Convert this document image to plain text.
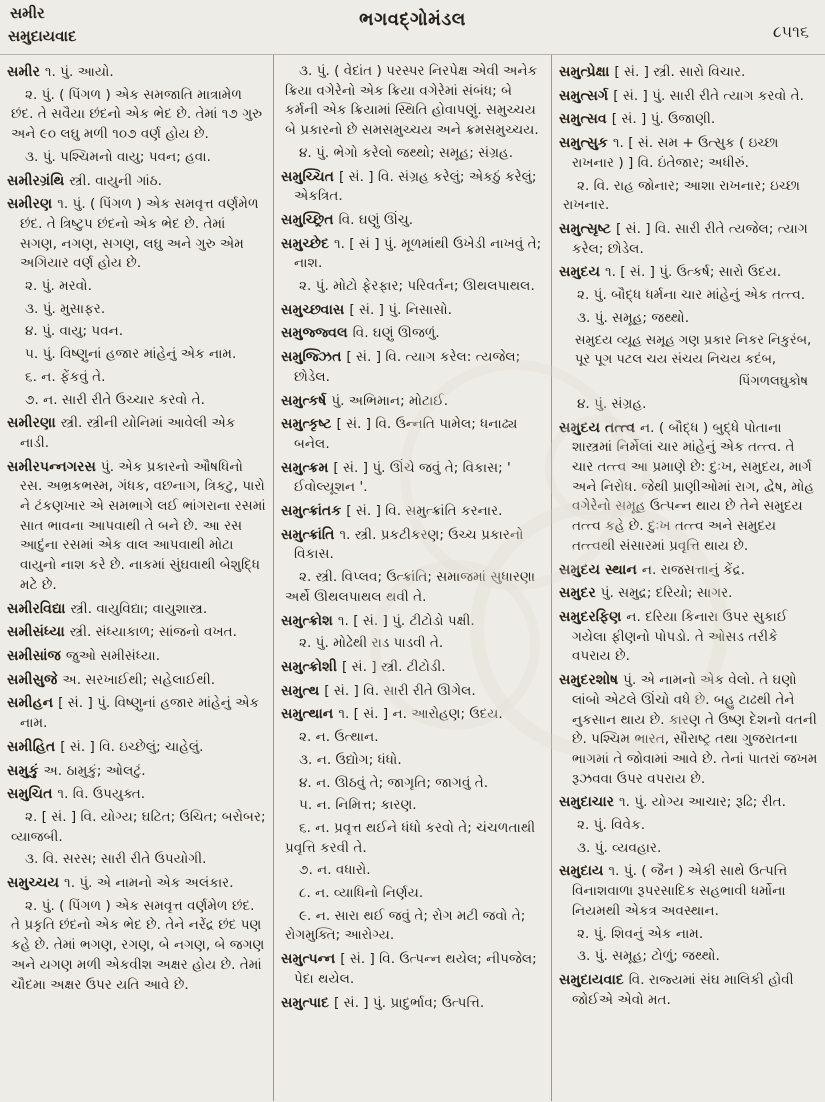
સમીર
સમુદાયવાદ
ભગવદ્ગોમંડલ
૮૫૧૬

સમીર ૧. પું. આયો.

૨. પું. ( પિંગળ ) એક સમજાતિ માત્રામેળ છંદ. તે સવૈયા છંદનો એક ભેદ છે. તેમાં ૧૭ ગુરુ અને ૯૦ લઘુ મળી ૧૦૭ વર્ણ હોય છે.

૩. પું. પશ્ચિમનો વાયુ; પવન; હવા.

સમીરગ્રંથિ સ્ત્રી. વાયુની ગાંઠ.

સમીરણ ૧. પું. ( પિંગળ ) એક સમવૃત્ત વર્ણમેળ છંદ. તે ત્રિષ્ટુપ છંદનો એક ભેદ છે. તેમાં સગણ, નગણ, સગણ, લઘુ અને ગુરુ એમ અગિયાર વર્ણ હોય છે.

૨. પું. મરવો.

૩. પું. મુસાફર.

૪. પું. વાયુ; પવન.

૫. પું. વિષ્ણુનાં હજાર માંહેનું એક નામ.

૬. ન. ફેંકવું તે.

૭. ન. સારી રીતે ઉચ્ચાર કરવો તે.

સમીરણા સ્ત્રી. સ્ત્રીની યોનિમાં આવેલી એક નાડી.

સમીરપન્નગરસ પું. એક પ્રકારનો ઔષધિનો રસ. અભ્રકભસ્મ, ગંધક, વછનાગ, ત્રિકટુ, પારો ને ટંકણખાર એ સમભાગે લઈ ભાંગરાના રસમાં સાત ભાવના આપવાથી તે બને છે. આ રસ આદુંના રસમાં એક વાલ આપવાથી મોટા વાયુનો નાશ કરે છે. નાકમાં સુંઘવાથી બેશુદ્ધિ મટે છે.

સમીરવિદ્યા સ્ત્રી. વાયુવિદ્યા; વાયુશાસ્ત્ર.

સમીસંધ્યા સ્ત્રી. સંધ્યાકાળ; સાંજનો વખત.

સમીસાંજ જુઓ સમીસંધ્યા.

સમીસુજે અ. સરખાઈથી; સહેલાઈથી.

સમીહન [ સં. ] પું. વિષ્ણુનાં હજાર માંહેનું એક નામ.

સમીહિત [ સં. ] વિ. ઇચ્છેલું; ચાહેલું.

સમુકું અ. ઠામુકું; ઓલટું.

સમુચિત ૧. વિ. ઉપયુક્ત.

૨. [ સં. ] વિ. યોગ્ય; ઘટિત; ઉચિત; બરોબર; વ્યાજબી.

૩. વિ. સરસ; સારી રીતે ઉપયોગી.

સમુચ્ચય ૧. પું. એ નામનો એક અલંકાર.

૨. પું. ( પિંગળ ) એક સમવૃત્ત વર્ણમેળ છંદ. તે પ્રકૃતિ છંદનો એક ભેદ છે. તેને નરેંદ્ર છંદ પણ કહે છે. તેમાં ભગણ, રગણ, બે નગણ, બે જગણ અને યગણ મળી એકવીશ અક્ષર હોય છે. તેમાં ચૌદમા અક્ષર ઉપર યતિ આવે છે.

૩. પું. ( વેદાંત ) પરસ્પર નિરપેક્ષ એવી અનેક ક્રિયા વગેરેનો એક ક્રિયા વગેરેમાં સંબંધ; બે કર્મની એક ક્રિયામાં સ્થિતિ હોવાપણું. સમુચ્ચય બે પ્રકારનો છે સમસમુચ્ચય અને ક્રમસમુચ્ચય.

૪. પું. ભેગો કરેલો જથ્થો; સમૂહ; સંગ્રહ.

સમુચ્ચિત [ સં. ] વિ. સંગ્રહ કરેલું; એકઠું કરેલું; એકત્રિત.

સમુચ્છ્રિત વિ. ઘણું ઊંચુ.

સમુચ્છેદ ૧. [ સં ] પું. મૂળમાંથી ઉખેડી નાખવું તે; નાશ.

૨. પું. મોટો ફેરફાર; પરિવર્તન; ઊથલપાથલ.

સમુચ્છ્વાસ [ સં. ] પું. નિસાસો.

સમુજ્જ્વલ વિ. ઘણું ઊજળું.

સમુજ્ઝિત [ સં. ] વિ. ત્યાગ કરેલ: ત્યજેલ; છોડેલ.

સમુત્કર્ષ પું. અભિમાન; મોટાઈ.

સમુત્કૃષ્ટ [ સં. ] વિ. ઉન્નતિ પામેલ; ધનાઢ્ય બનેલ.

સમુત્ક્રમ [ સં. ] પું. ઊંચે જવું તે; વિકાસ; ' ઈવોલ્યૂશન '.

સમુત્ક્રાંતક [ સં. ] વિ. સમુત્ક્રાંતિ કરનાર.

સમુત્ક્રાંતિ ૧. સ્ત્રી. પ્રકટીકરણ; ઉચ્ચ પ્રકારનો વિકાસ.

૨. સ્ત્રી. વિપ્લવ; ઉત્ક્રાંતિ; સમાજમાં સુધારણા અર્થે ઊથલપાથલ થવી તે.

સમુત્ક્રોશ ૧. [ સં. ] પું. ટીટોડો પક્ષી.

૨. પું. મોઢેથી રાડ પાડવી તે.

સમુત્ક્રોશી [ સં. ] સ્ત્રી. ટીટોડી.

સમુત્થ [ સં. ] વિ. સારી રીતે ઊગેલ.

સમુત્થાન ૧. [ સં. ] ન. આરોહણ; ઉદય.

૨. ન. ઉત્થાન.

૩. ન. ઉદ્યોગ; ધંધો.

૪. ન. ઊઠવું તે; જાગૃતિ; જાગવું તે.

૫. ન. નિમિત્ત; કારણ.

૬. ન. પ્રવૃત્ત થઈને ધંધો કરવો તે; ચંચળતાથી પ્રવૃત્તિ કરવી તે.

૭. ન. વધારો.

૮. ન. વ્યાધિનો નિર્ણય.

૯. ન. સારા થઈ જવું તે; રોગ મટી જવો તે; રોગમુક્તિ; આરોગ્ય.

સમુત્પન્ન [ સં. ] વિ. ઉત્પન્ન થયેલ; નીપજેલ; પેદા થયેલ.

સમુત્પાદ [ સં. ] પું. પ્રાદુર્ભાવ; ઉત્પત્તિ.

સમુત્પ્રેક્ષા [ સં. ] સ્ત્રી. સારો વિચાર.

સમુત્સર્ગ [ સં. ] પું. સારી રીતે ત્યાગ કરવો તે.

સમુત્સવ [ સં. ] પું. ઉજાણી.

સમુત્સુક ૧. [ સં. સમ + ઉત્સુક ( ઇચ્છા રાખનાર ) ] વિ. ઇંતેજાર; અધીરું.

૨. વિ. રાહ જોનાર; આશા રાખનાર; ઇચ્છા રાખનાર.

સમુત્સૃષ્ટ [ સં. ] વિ. સારી રીતે ત્યજેલ; ત્યાગ કરેલ; છોડેલ.

સમુદય ૧. [ સં. ] પું. ઉત્કર્ષ; સારો ઉદય.

૨. પું. બૌદ્ધ ધર્મના ચાર માંહેનું એક તત્ત્વ.

૩. પું. સમૂહ; જથ્થો.

સમુદય વ્યૂહ સમૂહ ગણ પ્રકાર નિકર નિકુરંબ,
પૂર પૂગ પટલ ચય સંચય નિચય કદંબ,

પિંગળલઘુકોષ

૪. પું. સંગ્રહ.

સમુદય તત્ત્વ ન. ( બૌદ્ધ ) બુદ્ધે પોતાના શાસ્ત્રમાં નિર્મેલાં ચાર માંહેનું એક તત્ત્વ. તે ચાર તત્ત્વ આ પ્રમાણે છે: દુઃખ, સમુદય, માર્ગ અને નિરોધ. જેથી પ્રાણીઓમાં રાગ, દ્વેષ, મોહ વગેરેનો સમૂહ ઉત્પન્ન થાય છે તેને સમુદય તત્ત્વ કહે છે. દુઃખ તત્ત્વ અને સમુદય તત્ત્વથી સંસારમાં પ્રવૃત્તિ થાય છે.

સમુદય સ્થાન ન. રાજસત્તાનું કેંદ્ર.

સમુદર પું. સમુદ્ર; દરિયો; સાગર.

સમુદરફિણ ન. દરિયા કિનારા ઉપર સુકાઈ ગયેલા ફીણનો પોપડો. તે ઓસડ તરીકે વપરાય છે.

સમુદરશોષ પું. એ નામનો એક વેલો. તે ઘણો લાંબો એટલે ઊંચો વધે છે. બહુ ટાઢથી તેને નુકસાન થાય છે. કારણ તે ઉષ્ણ દેશનો વતની છે. પશ્ચિમ ભારત, સૌરાષ્ટ્ર તથા ગુજરાતના ભાગમાં તે જોવામાં આવે છે. તેનાં પાતરાં જખમ રૂઝવવા ઉપર વપરાય છે.

સમુદાચાર ૧. પું. યોગ્ય આચાર; રૂઢિ; રીત.

૨. પું. વિવેક.

૩. પું. વ્યવહાર.

સમુદાય ૧. પું. ( જૈન ) એકી સાથે ઉત્પત્તિ વિનાશવાળા રૂપરસાદિક સહભાવી ધર્મોના નિયમથી એકત્ર અવસ્થાન.

૨. પું. શિવનું એક નામ.

૩. પું. સમૂહ; ટોળું; જથ્થો.

સમુદાયવાદ વિ. રાજ્યમાં સંઘ માલિકી હોવી જોઈએ એવો મત.
